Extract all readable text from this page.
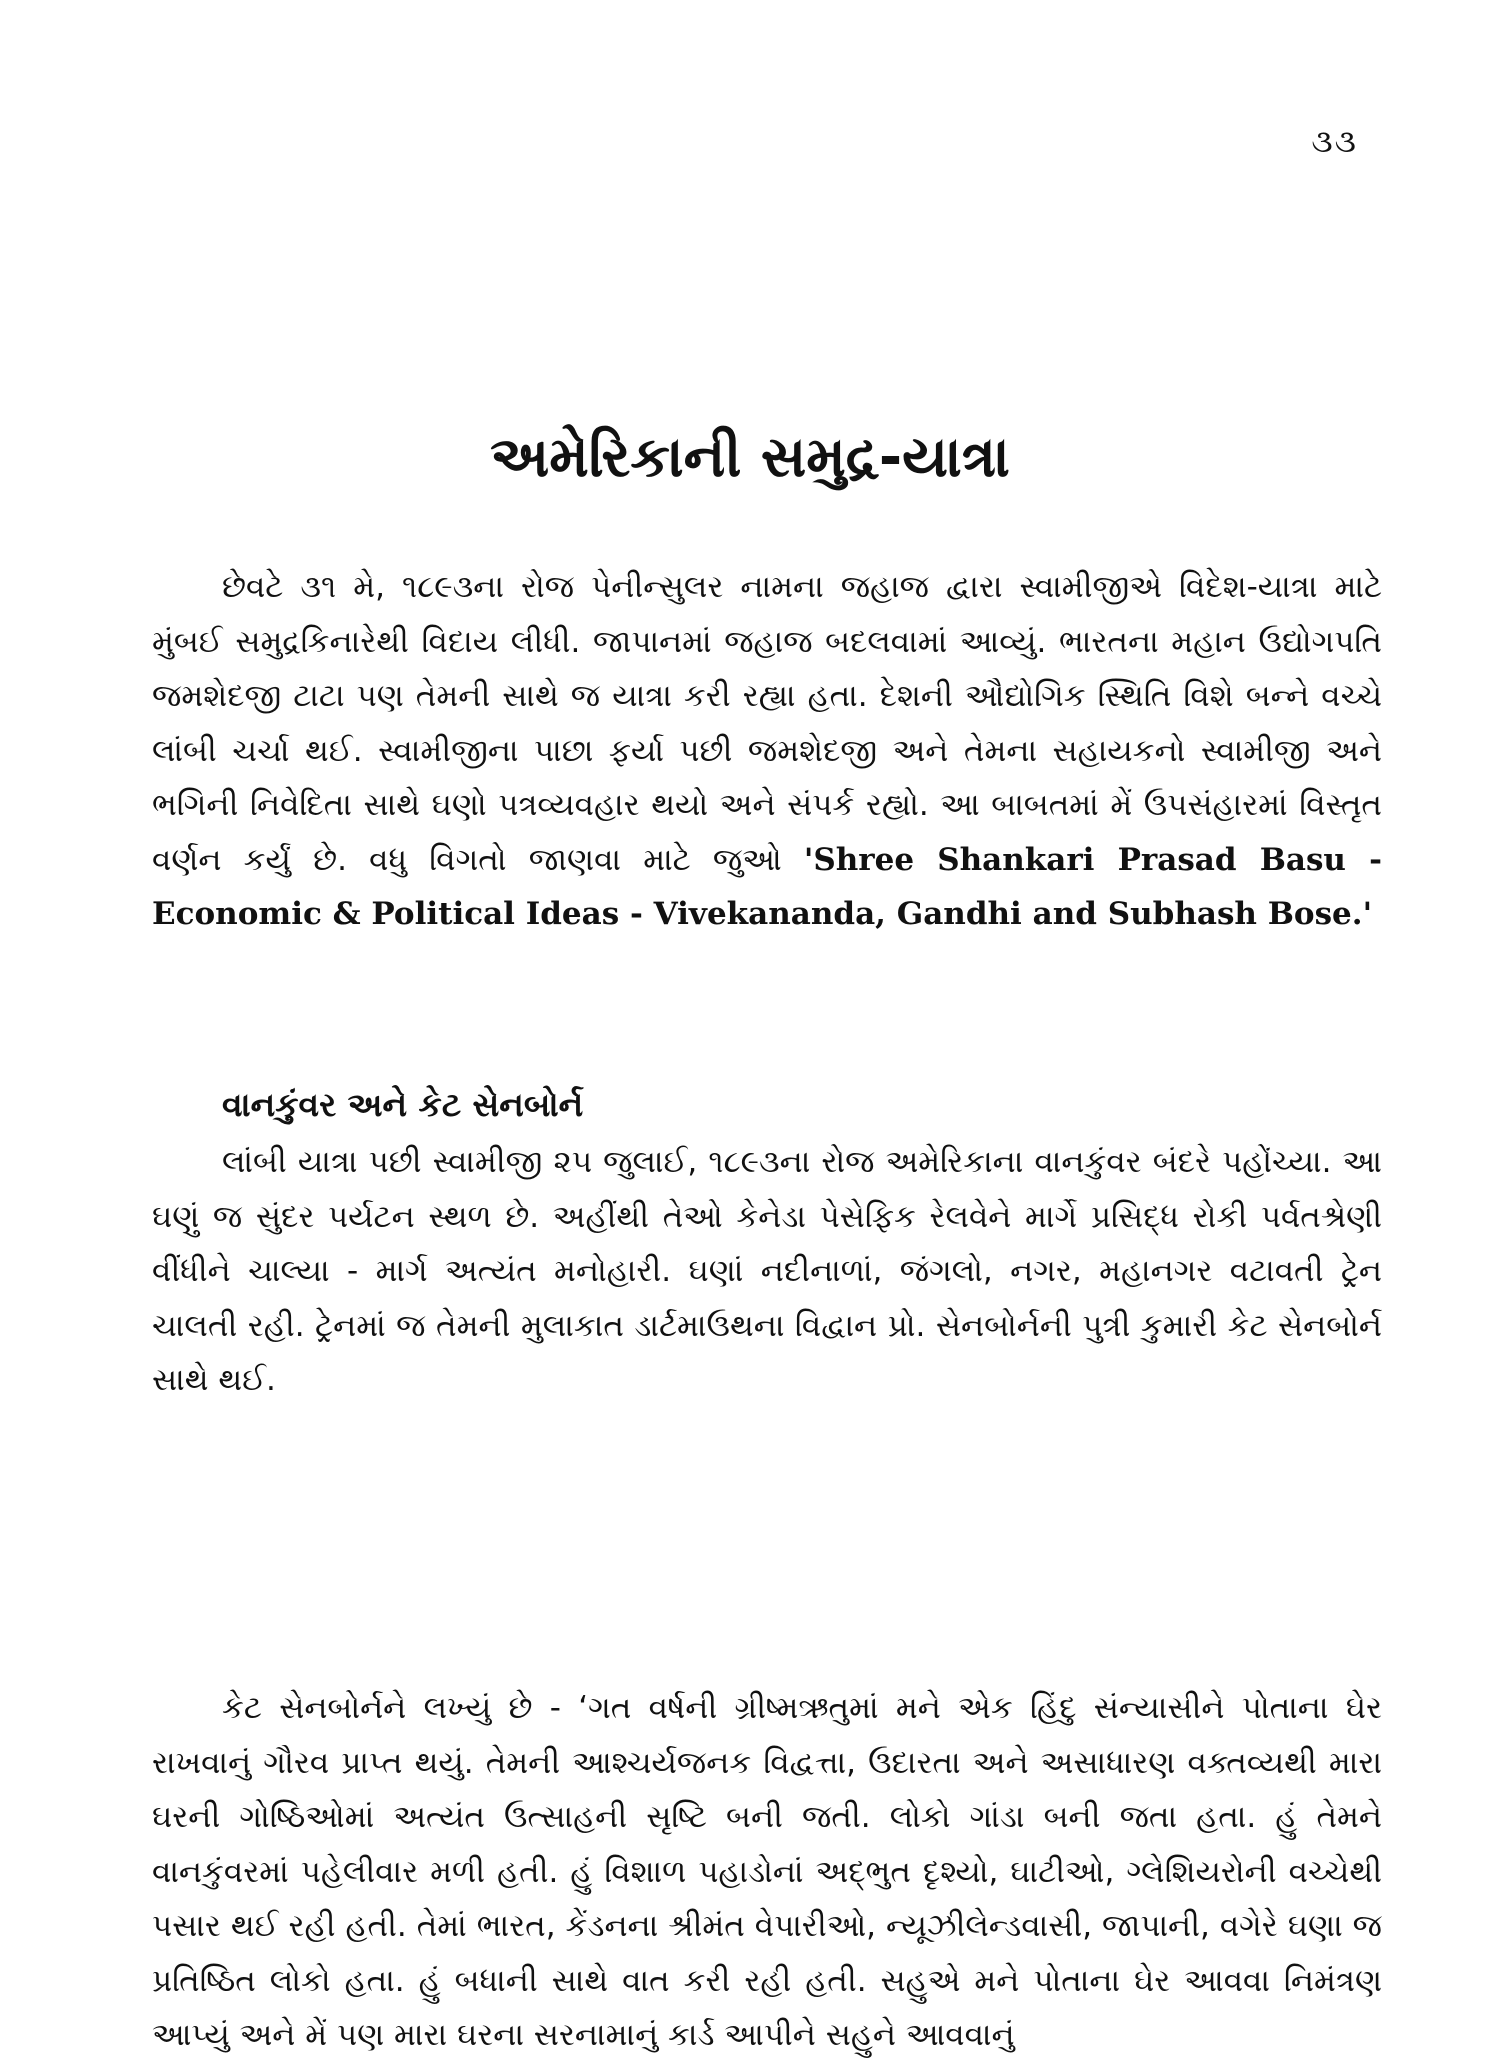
૩૩
અમેરિકાની સમુદ્ર-યાત્રા

છેવટે ૩૧ મે, ૧૮૯૩ના રોજ પેનીન્સુલર નામના જહાજ દ્વારા સ્વામીજીએ વિદેશ-યાત્રા માટે મુંબઈ સમુદ્રકિનારેથી વિદાય લીધી. જાપાનમાં જહાજ બદલવામાં આવ્યું. ભારતના મહાન ઉદ્યોગપતિ જમશેદજી ટાટા પણ તેમની સાથે જ યાત્રા કરી રહ્યા હતા. દેશની ઔદ્યોગિક સ્થિતિ વિશે બન્ને વચ્ચે લાંબી ચર્ચા થઈ. સ્વામીજીના પાછા ફર્યા પછી જમશેદજી અને તેમના સહાયકનો સ્વામીજી અને ભગિની નિવેદિતા સાથે ઘણો પત્રવ્યવહાર થયો અને સંપર્ક રહ્યો. આ બાબતમાં મેં ઉપસંહારમાં વિસ્તૃત વર્ણન કર્યું છે. વધુ વિગતો જાણવા માટે જુઓ 'Shree Shankari Prasad Basu - Economic & Political Ideas - Vivekananda, Gandhi and Subhash Bose.'

વાનકુંવર અને કેટ સેનબોર્ન

લાંબી યાત્રા પછી સ્વામીજી ૨૫ જુલાઈ, ૧૮૯૩ના રોજ અમેરિકાના વાનકુંવર બંદરે પહોંચ્યા. આ ઘણું જ સુંદર પર્યટન સ્થળ છે. અહીંથી તેઓ કેનેડા પેસેફિક રેલવેને માર્ગે પ્રસિદ્ધ રોકી પર્વતશ્રેણી વીંધીને ચાલ્યા - માર્ગ અત્યંત મનોહારી. ઘણાં નદીનાળાં, જંગલો, નગર, મહાનગર વટાવતી ટ્રેન ચાલતી રહી. ટ્રેનમાં જ તેમની મુલાકાત ડાર્ટમાઉથના વિદ્વાન પ્રો. સેનબોર્નની પુત્રી કુમારી કેટ સેનબોર્ન સાથે થઈ.

કેટ સેનબોર્નને લખ્યું છે - ‘ગત વર્ષની ગ્રીષ્મઋતુમાં મને એક હિંદુ સંન્યાસીને પોતાના ઘેર રાખવાનું ગૌરવ પ્રાપ્ત થયું. તેમની આશ્ચર્યજનક વિદ્વત્તા, ઉદારતા અને અસાધારણ વક્તવ્યથી મારા ઘરની ગોષ્ઠિઓમાં અત્યંત ઉત્સાહની સૃષ્ટિ બની જતી. લોકો ગાંડા બની જતા હતા. હું તેમને વાનકુંવરમાં પહેલીવાર મળી હતી. હું વિશાળ પહાડોનાં અદ્ભુત દૃશ્યો, ઘાટીઓ, ગ્લેશિયરોની વચ્ચેથી પસાર થઈ રહી હતી. તેમાં ભારત, કેંડનના શ્રીમંત વેપારીઓ, ન્યૂઝીલેન્ડવાસી, જાપાની, વગેરે ઘણા જ પ્રતિષ્ઠિત લોકો હતા. હું બધાની સાથે વાત કરી રહી હતી. સહુએ મને પોતાના ઘેર આવવા નિમંત્રણ આપ્યું અને મેં પણ મારા ઘરના સરનામાનું કાર્ડ આપીને સહુને આવવાનું
